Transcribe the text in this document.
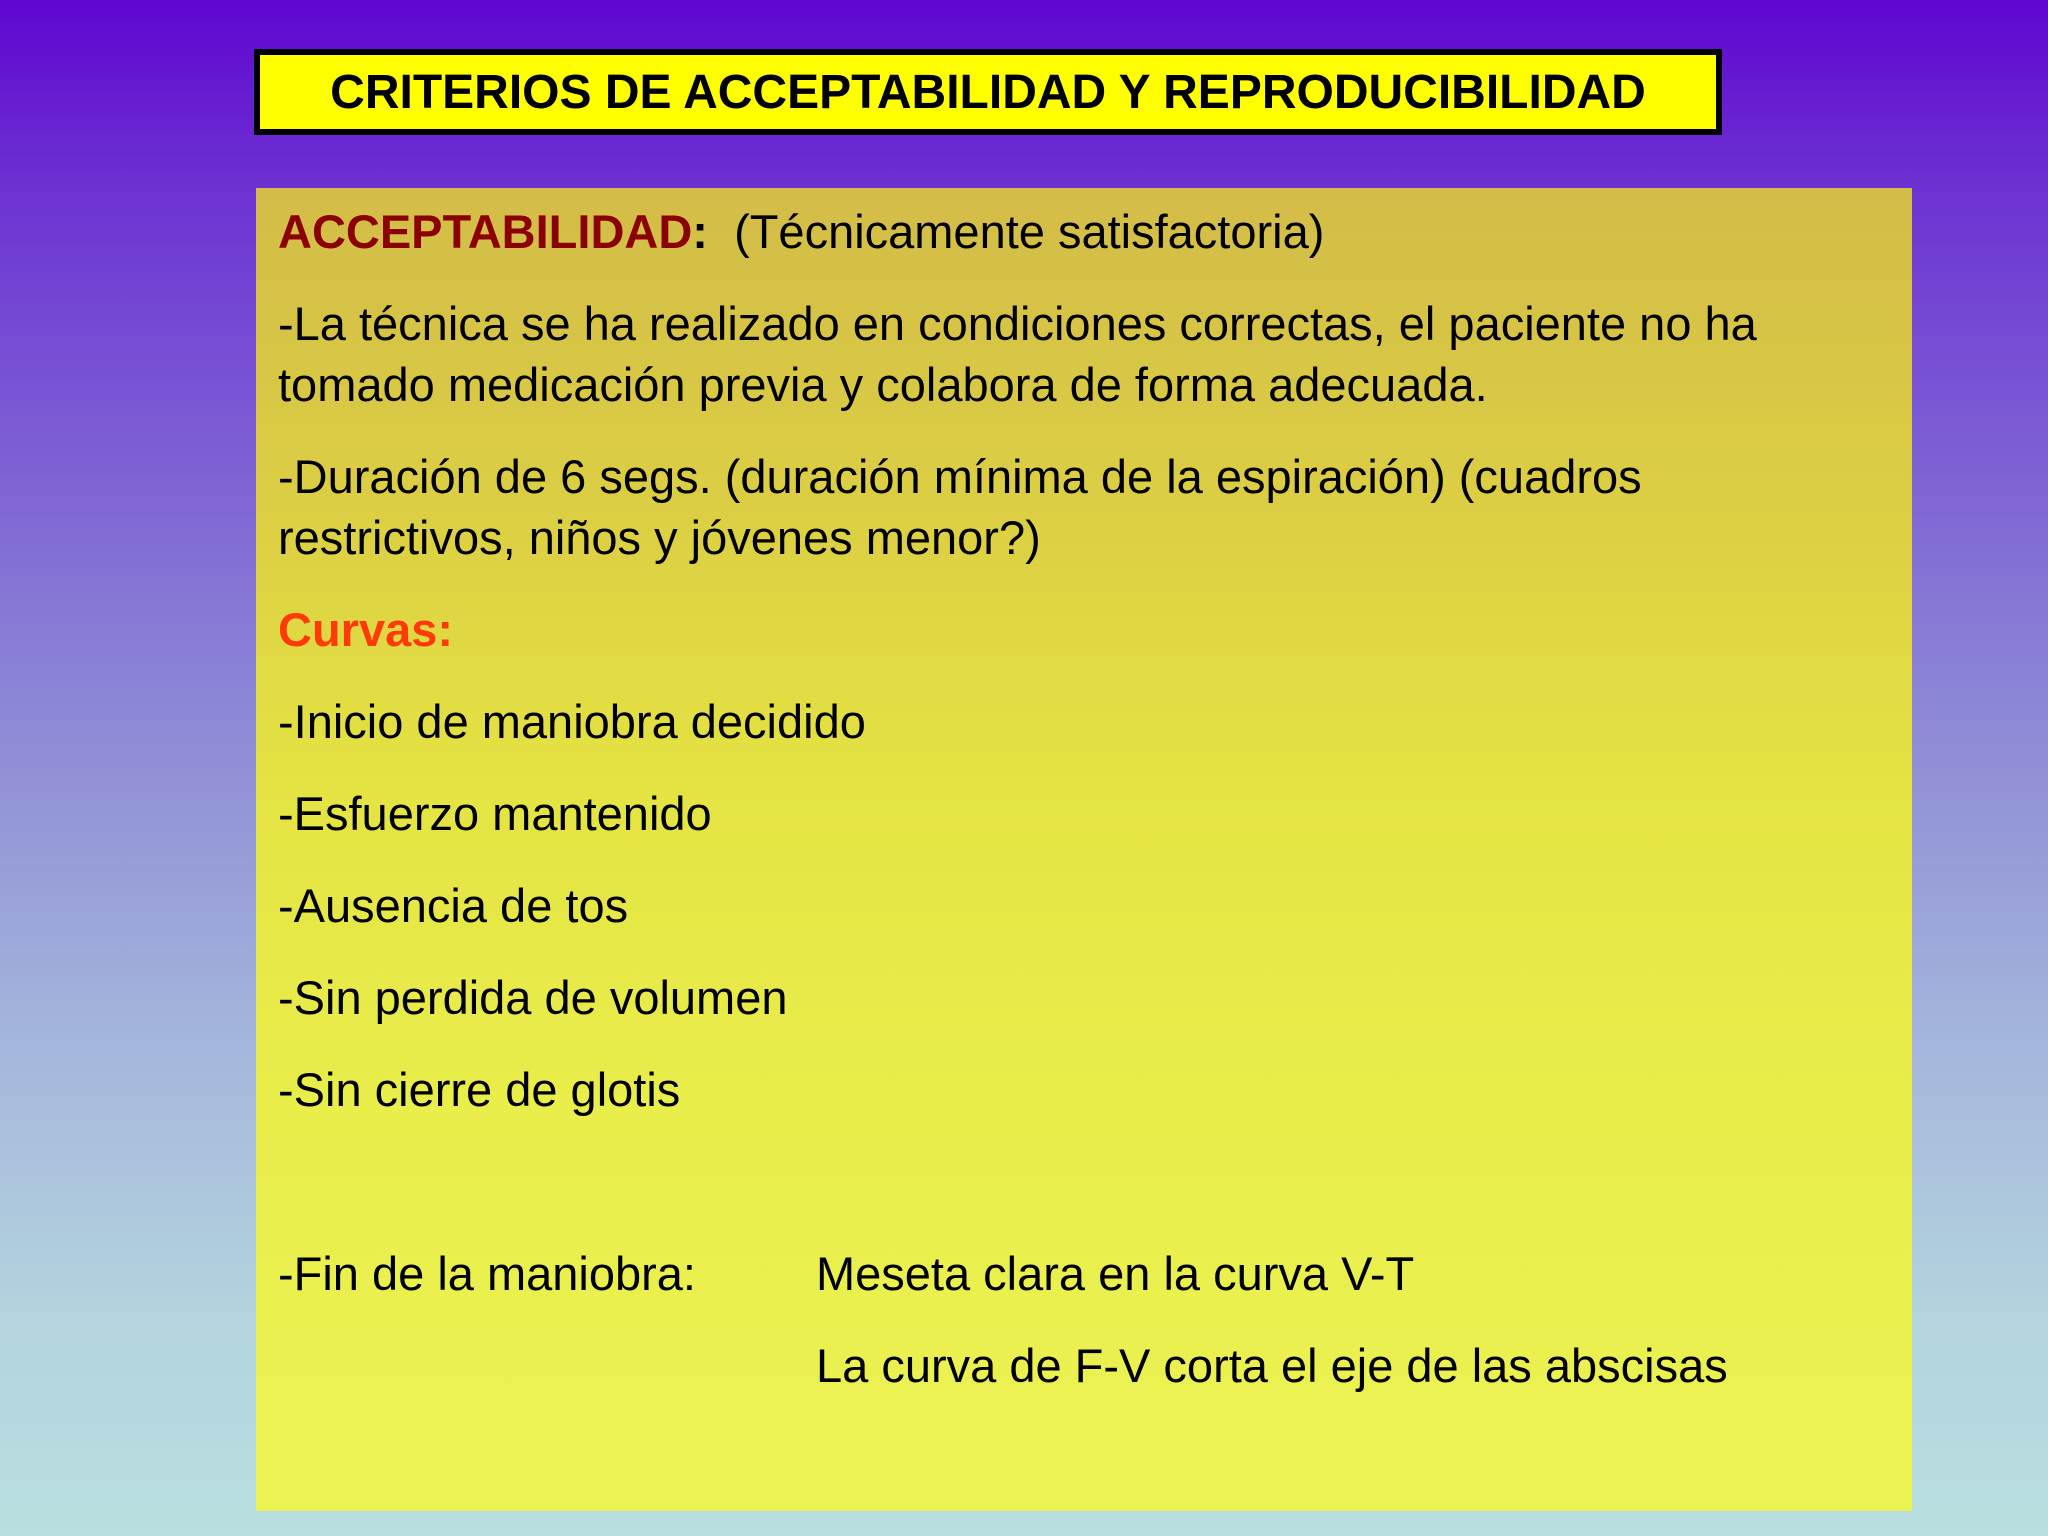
CRITERIOS DE ACCEPTABILIDAD Y REPRODUCIBILIDAD
ACCEPTABILIDAD: (Técnicamente satisfactoria)
-La técnica se ha realizado en condiciones correctas, el paciente no ha
tomado medicación previa y colabora de forma adecuada.
-Duración de 6 segs. (duración mínima de la espiración) (cuadros
restrictivos, niños y jóvenes menor?)
Curvas:
-Inicio de maniobra decidido
-Esfuerzo mantenido
-Ausencia de tos
-Sin perdida de volumen
-Sin cierre de glotis
-Fin de la maniobra:	Meseta clara en la curva V-T
La curva de F-V corta el eje de las abscisas
